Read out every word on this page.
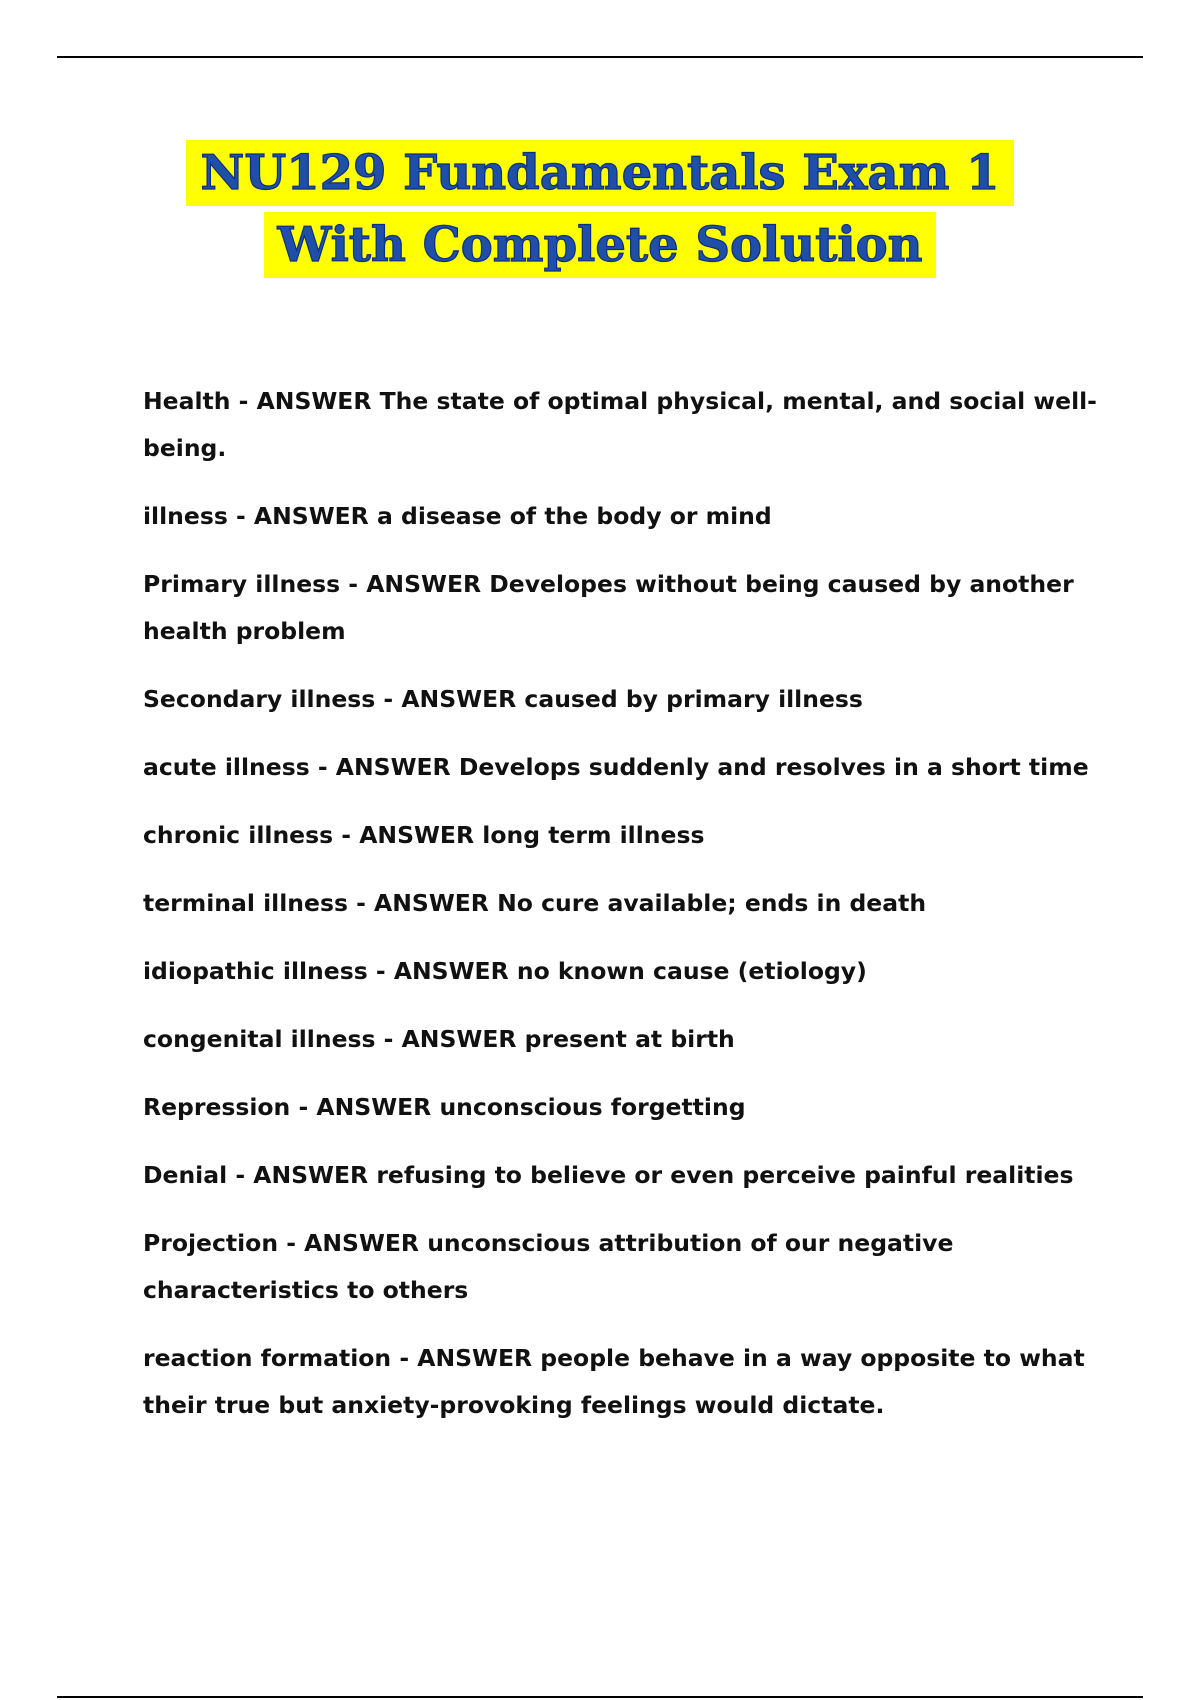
NU129 Fundamentals Exam 1
With Complete Solution
Health - ANSWER The state of optimal physical, mental, and social well-being.
illness - ANSWER a disease of the body or mind
Primary illness - ANSWER Developes without being caused by another health problem
Secondary illness - ANSWER caused by primary illness
acute illness - ANSWER Develops suddenly and resolves in a short time
chronic illness - ANSWER long term illness
terminal illness - ANSWER No cure available; ends in death
idiopathic illness - ANSWER no known cause (etiology)
congenital illness - ANSWER present at birth
Repression - ANSWER unconscious forgetting
Denial - ANSWER refusing to believe or even perceive painful realities
Projection - ANSWER unconscious attribution of our negative characteristics to others
reaction formation - ANSWER people behave in a way opposite to what their true but anxiety-provoking feelings would dictate.
